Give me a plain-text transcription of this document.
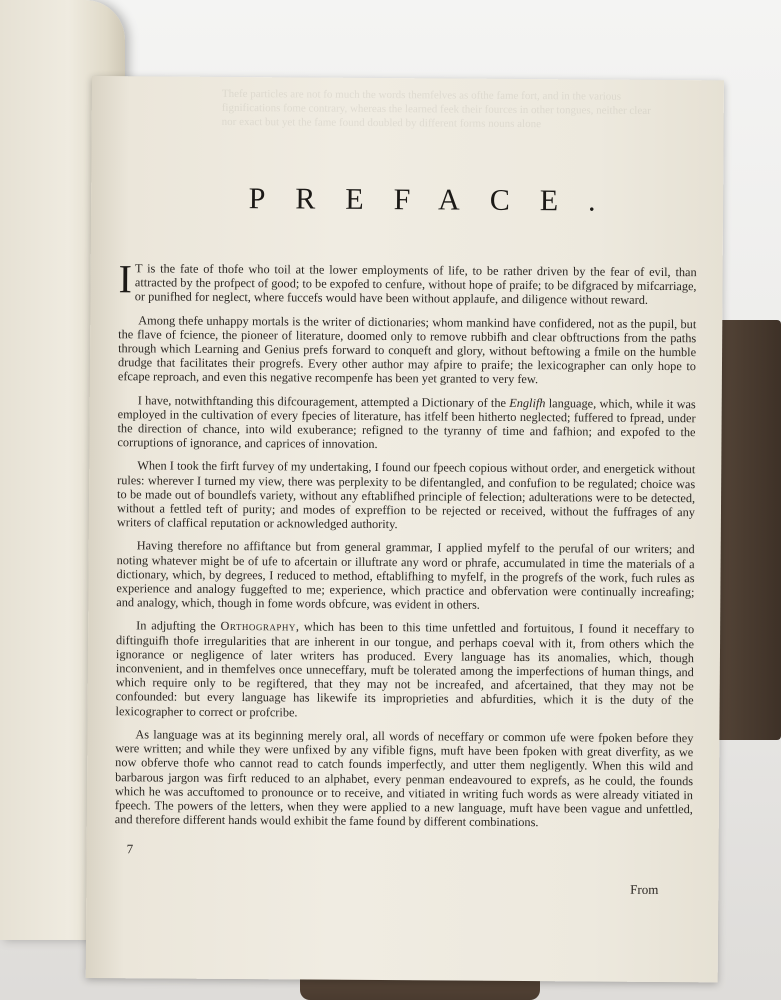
Thefe particles are not fo much the words themfelves as ofthe fame fort, and in the various fignifications fome contrary, whereas the learned feek their fources in other tongues, neither clear nor exact but yet the fame found doubled by different forms nouns alone
PREFACE.

I T is the fate of thofe who toil at the lower employments of life, to be rather driven by the fear of evil, than attracted by the profpect of good; to be expofed to cenfure, without hope of praife; to be difgraced by mifcarriage, or punifhed for neglect, where fuccefs would have been without applaufe, and diligence without reward.

Among thefe unhappy mortals is the writer of dictionaries; whom mankind have confidered, not as the pupil, but the flave of fcience, the pioneer of literature, doomed only to remove rubbifh and clear obftructions from the paths through which Learning and Genius prefs forward to conqueft and glory, without beftowing a fmile on the humble drudge that facilitates their progrefs. Every other author may afpire to praife; the lexicographer can only hope to efcape reproach, and even this negative recompenfe has been yet granted to very few.

I have, notwithftanding this difcouragement, attempted a Dictionary of the Englifh language, which, while it was employed in the cultivation of every fpecies of literature, has itfelf been hitherto neglected; fuffered to fpread, under the direction of chance, into wild exuberance; refigned to the tyranny of time and fafhion; and expofed to the corruptions of ignorance, and caprices of innovation.

When I took the firft furvey of my undertaking, I found our fpeech copious without order, and energetick without rules: wherever I turned my view, there was perplexity to be difentangled, and confufion to be regulated; choice was to be made out of boundlefs variety, without any eftablifhed principle of felection; adulterations were to be detected, without a fettled teft of purity; and modes of expreffion to be rejected or received, without the fuffrages of any writers of claffical reputation or acknowledged authority.

Having therefore no affiftance but from general grammar, I applied myfelf to the perufal of our writers; and noting whatever might be of ufe to afcertain or illuftrate any word or phrafe, accumulated in time the materials of a dictionary, which, by degrees, I reduced to method, eftablifhing to myfelf, in the progrefs of the work, fuch rules as experience and analogy fuggefted to me; experience, which practice and obfervation were continually increafing; and analogy, which, though in fome words obfcure, was evident in others.

In adjufting the Orthography, which has been to this time unfettled and fortuitous, I found it neceffary to diftinguifh thofe irregularities that are inherent in our tongue, and perhaps coeval with it, from others which the ignorance or negligence of later writers has produced. Every language has its anomalies, which, though inconvenient, and in themfelves once unneceffary, muft be tolerated among the imperfections of human things, and which require only to be regiftered, that they may not be increafed, and afcertained, that they may not be confounded: but every language has likewife its improprieties and abfurdities, which it is the duty of the lexicographer to correct or profcribe.

As language was at its beginning merely oral, all words of neceffary or common ufe were fpoken before they were written; and while they were unfixed by any vifible figns, muft have been fpoken with great diverfity, as we now obferve thofe who cannot read to catch founds imperfectly, and utter them negligently. When this wild and barbarous jargon was firft reduced to an alphabet, every penman endeavoured to exprefs, as he could, the founds which he was accuftomed to pronounce or to receive, and vitiated in writing fuch words as were already vitiated in fpeech. The powers of the letters, when they were applied to a new language, muft have been vague and unfettled, and therefore different hands would exhibit the fame found by different combinations.

7
From
